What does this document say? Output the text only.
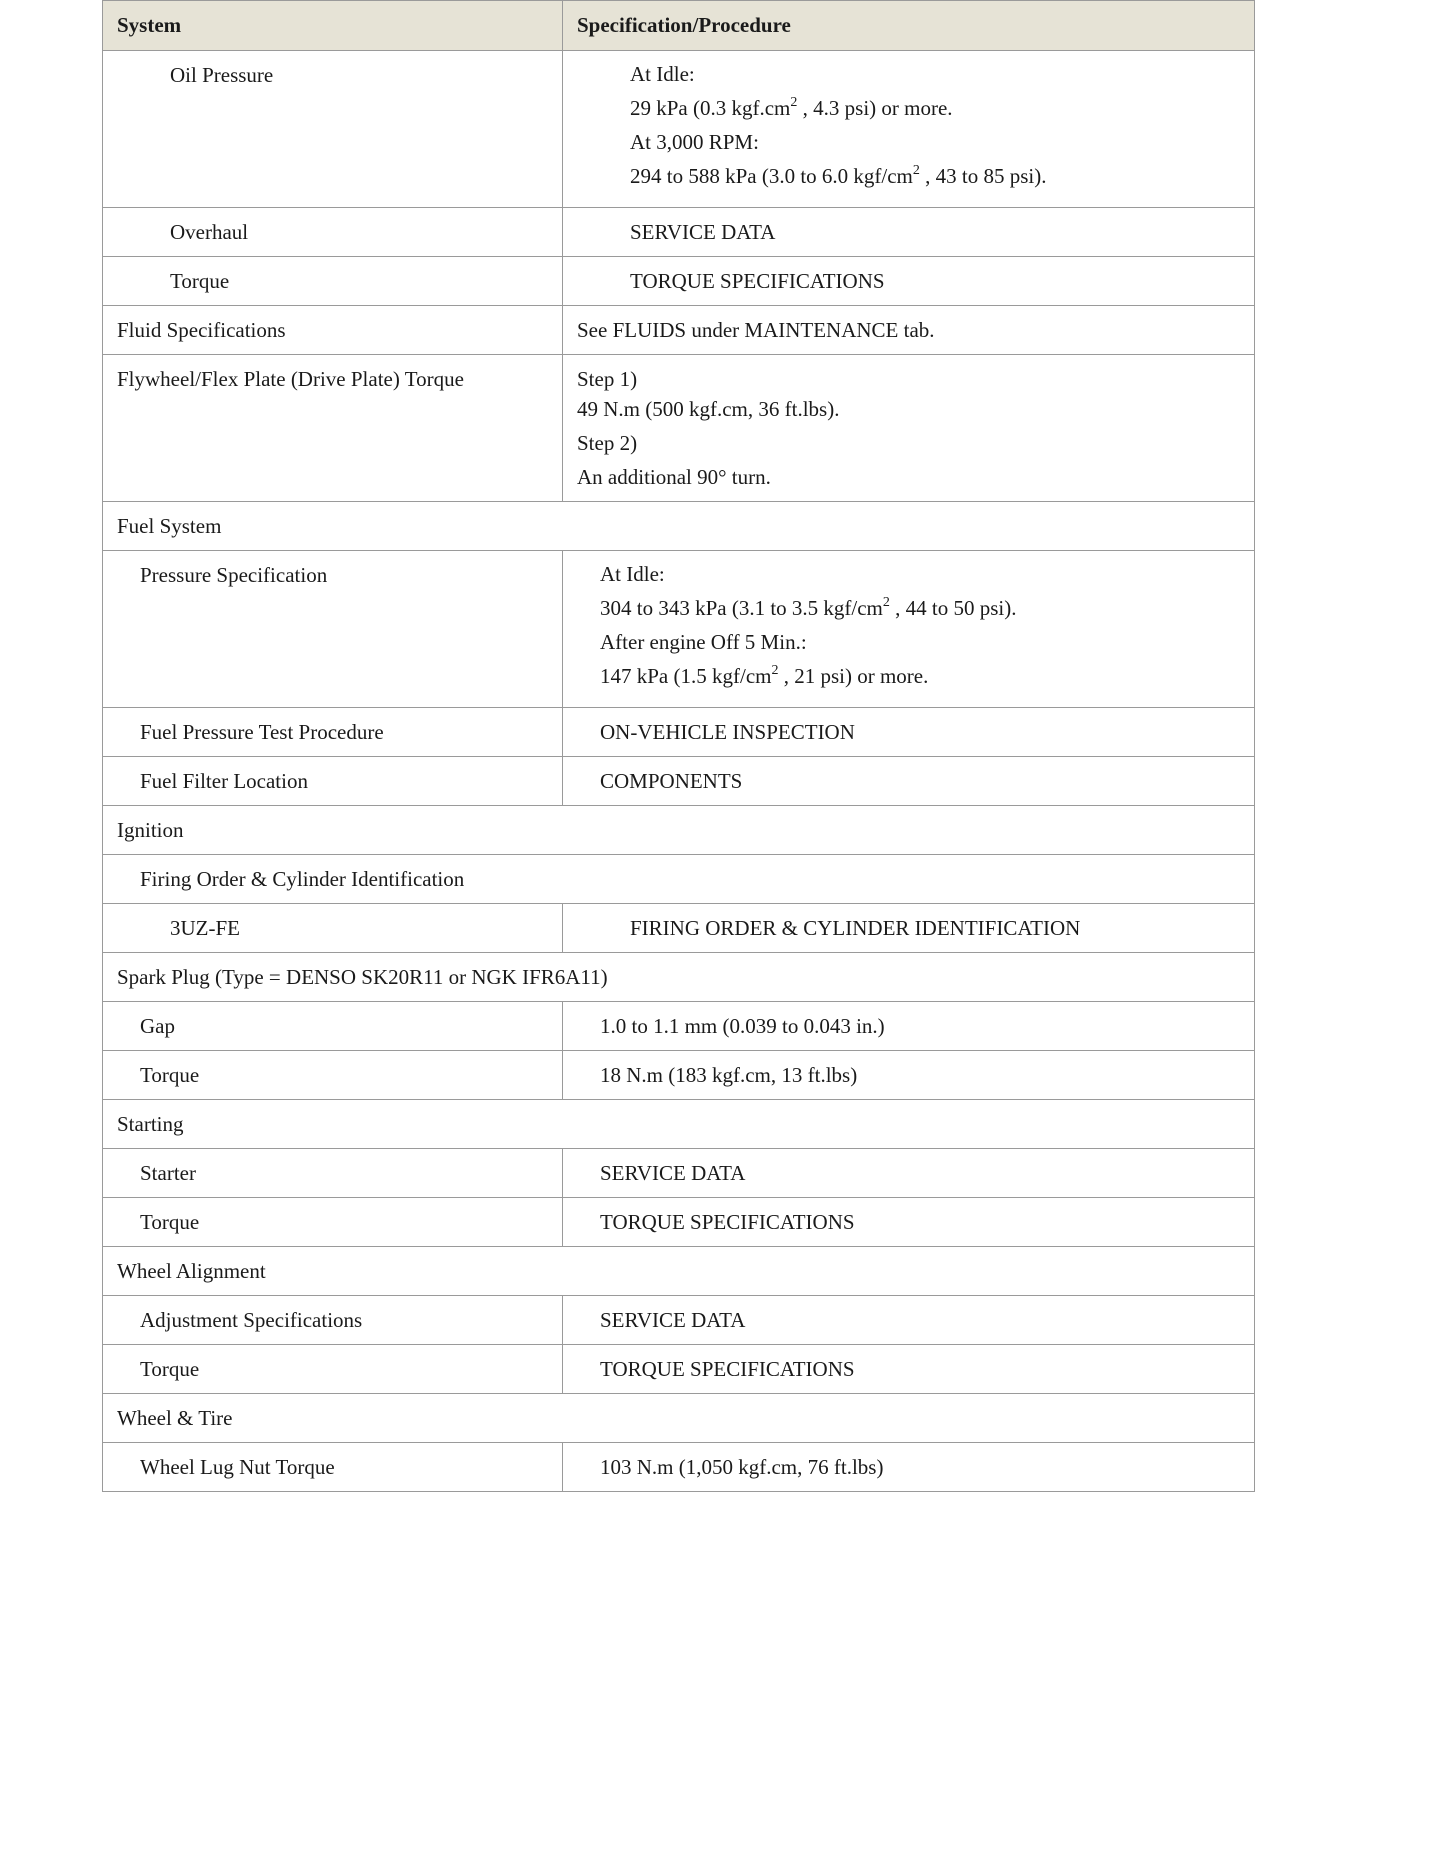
System	Specification/Procedure

Oil Pressure	At Idle:
29 kPa (0.3 $kgf.cm^2$ , 4.3 psi) or more.
At 3,000 RPM:
294 to 588 kPa (3.0 to 6.0 kgf/$cm^2$ , 43 to 85 psi).

Overhaul	SERVICE DATA

Torque	TORQUE SPECIFICATIONS

Fluid Specifications	See FLUIDS under MAINTENANCE tab.

Flywheel/Flex Plate (Drive Plate) Torque	Step 1)
49 N.m (500 kgf.cm, 36 ft.lbs).
Step 2)
An additional 90° turn.

Fuel System	

Pressure Specification	At Idle:
304 to 343 kPa (3.1 to 3.5 kgf/$cm^2$ , 44 to 50 psi).
After engine Off 5 Min.:
147 kPa (1.5 kgf/$cm^2$ , 21 psi) or more.

Fuel Pressure Test Procedure	ON-VEHICLE INSPECTION

Fuel Filter Location	COMPONENTS

Ignition	

Firing Order & Cylinder Identification	

3UZ-FE	FIRING ORDER & CYLINDER IDENTIFICATION

Spark Plug (Type = DENSO SK20R11 or NGK IFR6A11)	

Gap	1.0 to 1.1 mm (0.039 to 0.043 in.)

Torque	18 N.m (183 kgf.cm, 13 ft.lbs)

Starting	

Starter	SERVICE DATA

Torque	TORQUE SPECIFICATIONS

Wheel Alignment	

Adjustment Specifications	SERVICE DATA

Torque	TORQUE SPECIFICATIONS

Wheel & Tire	

Wheel Lug Nut Torque	103 N.m (1,050 kgf.cm, 76 ft.lbs)
